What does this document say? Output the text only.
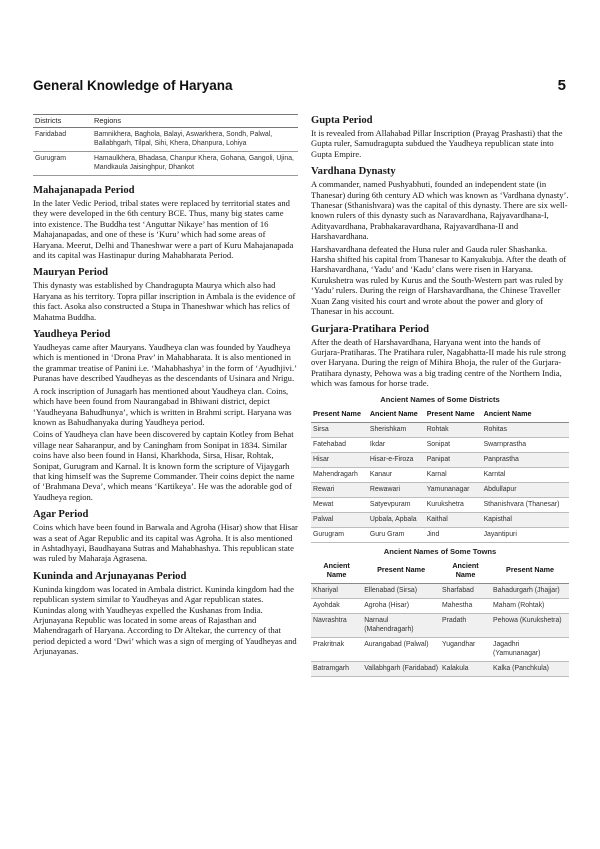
General Knowledge of Haryana	5
Districts	Regions
Faridabad	Bamnikhera, Baghola, Balayi, Aswarkhera, Sondh, Palwal, Ballabhgarh, Tilpal, Sihi, Khera, Dhanpura, Lohiya
Gurugram	Hamaulkhera, Bhadasa, Chanpur Khera, Gohana, Gangoli, Ujina, Mandkaula Jaisinghpur, Dhankot
Mahajanapada Period

In the later Vedic Period, tribal states were replaced by territorial states and they were developed in the 6th century BCE. Thus, many big states came into existence. The Buddha test ‘Anguttar Nikaye’ has mention of 16 Mahajanapadas, and one of these is ‘Kuru’ which had some areas of Haryana. Meerut, Delhi and Thaneshwar were a part of Kuru Mahajanapada and its capital was Hastinapur during Mahabharata Period.

Mauryan Period

This dynasty was established by Chandragupta Maurya which also had Haryana as his territory. Topra pillar inscription in Ambala is the evidence of this fact. Asoka also constructed a Stupa in Thaneshwar which has relics of Mahatma Buddha.

Yaudheya Period

Yaudheyas came after Mauryans. Yaudheya clan was founded by Yaudheya which is mentioned in ‘Drona Prav’ in Mahabharata. It is also mentioned in the grammar treatise of Panini i.e. ‘Mahabhashya’ in the form of ‘Ayudhjivi.’ Puranas have described Yaudheyas as the descendants of Usinara and Nrigu.

A rock inscription of Junagarh has mentioned about Yaudheya clan. Coins, which have been found from Naurangabad in Bhiwani district, depict ‘Yaudheyana Bahudhunya’, which is written in Brahmi script. Haryana was known as Bahudhanyaka during Yaudheya period.

Coins of Yaudheya clan have been discovered by captain Kotley from Behat village near Saharanpur, and by Caningham from Sonipat in 1834. Similar coins have also been found in Hansi, Kharkhoda, Sirsa, Hisar, Rohtak, Sonipat, Gurugram and Karnal. It is known form the scripture of Vijaygarh that king himself was the Supreme Commander. Their coins depict the name of ‘Brahmana Deva’, which means ‘Kartikeya’. He was the adorable god of Yaudheya region.

Agar Period

Coins which have been found in Barwala and Agroha (Hisar) show that Hisar was a seat of Agar Republic and its capital was Agroha. It is also mentioned in Ashtadhyayi, Baudhayana Sutras and Mahabhashya. This republican state was ruled by Maharaja Agrasena.

Kuninda and Arjunayanas Period

Kuninda kingdom was located in Ambala district. Kuninda kingdom had the republican system similar to Yaudheyas and Agar republican states. Kunindas along with Yaudheyas expelled the Kushanas from India. Arjunayana Republic was located in some areas of Rajasthan and Mahendragarh of Haryana. According to Dr Altekar, the currency of that period depicted a word ‘Dwi’ which was a sign of merging of Yaudheyas and Arjunayanas.

Gupta Period

It is revealed from Allahabad Pillar Inscription (Prayag Prashasti) that the Gupta ruler, Samudragupta subdued the Yaudheya republican state into Gupta Empire.

Vardhana Dynasty

A commander, named Pushyabhuti, founded an independent state (in Thanesar) during 6th century AD which was known as ‘Vardhana dynasty’. Thanesar (Sthanishvara) was the capital of this dynasty. There are six well-known rulers of this dynasty such as Naravardhana, Rajyavardhana-I, Adityavardhana, Prabhakaravardhana, Rajyavardhana-II and Harshavardhana.

Harshavardhana defeated the Huna ruler and Gauda ruler Shashanka. Harsha shifted his capital from Thanesar to Kanyakubja. After the death of Harshavardhana, ‘Yadu’ and ‘Kadu’ clans were risen in Haryana. Kurukshetra was ruled by Kurus and the South-Western part was ruled by ‘Yadu’ rulers. During the reign of Harshavardhana, the Chinese Traveller Xuan Zang visited his court and wrote about the power and glory of Thanesar in his account.

Gurjara-Pratihara Period

After the death of Harshavardhana, Haryana went into the hands of Gurjara-Pratiharas. The Pratihara ruler, Nagabhatta-II made his rule strong over Haryana. During the reign of Mihira Bhoja, the ruler of the Gurjara-Pratihara dynasty, Pehowa was a big trading centre of the Northern India, which was famous for horse trade.

Ancient Names of Some Districts
Present Name	Ancient Name	Present Name	Ancient Name
Sirsa	Sherishkam	Rohtak	Rohitas
Fatehabad	Ikdar	Sonipat	Swarnprastha
Hisar	Hisar-e-Firoza	Panipat	Panprastha
Mahendragarh	Kanaur	Karnal	Karntal
Rewari	Rewawari	Yamunanagar	Abdullapur
Mewat	Satyevpuram	Kurukshetra	Sthanishvara (Thanesar)
Palwal	Upbala, Apbala	Kaithal	Kapisthal
Gurugram	Guru Gram	Jind	Jayantipuri
Ancient Names of Some Towns
Ancient Name	Present Name	Ancient Name	Present Name
Khariyal	Ellenabad (Sirsa)	Sharfabad	Bahadurgarh (Jhajjar)
Ayohdak	Agroha (Hisar)	Mahestha	Maham (Rohtak)
Navrashtra	Narnaul (Mahendragarh)	Pradath	Pehowa (Kurukshetra)
Prakritnak	Aurangabad (Palwal)	Yugandhar	Jagadhri (Yamunanagar)
Batramgarh	Vallabhgarh (Faridabad)	Kalakula	Kalka (Panchkula)
